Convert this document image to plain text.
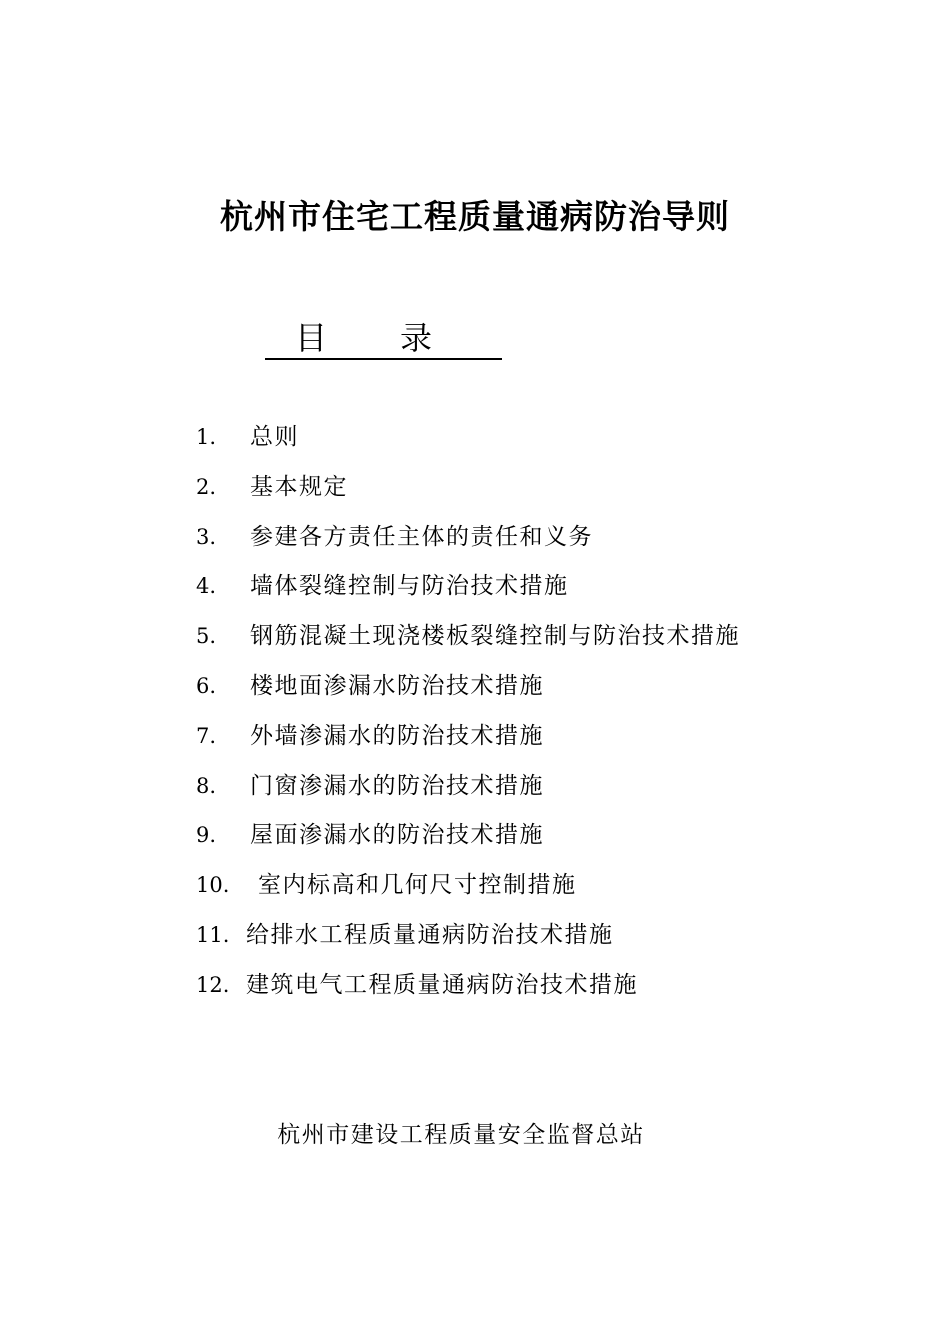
杭州市住宅工程质量通病防治导则
目 录
1. 总则
2. 基本规定
3. 参建各方责任主体的责任和义务
4. 墙体裂缝控制与防治技术措施
5. 钢筋混凝土现浇楼板裂缝控制与防治技术措施
6. 楼地面渗漏水防治技术措施
7. 外墙渗漏水的防治技术措施
8. 门窗渗漏水的防治技术措施
9. 屋面渗漏水的防治技术措施
10. 室内标高和几何尺寸控制措施
11. 给排水工程质量通病防治技术措施
12. 建筑电气工程质量通病防治技术措施

杭州市建设工程质量安全监督总站
